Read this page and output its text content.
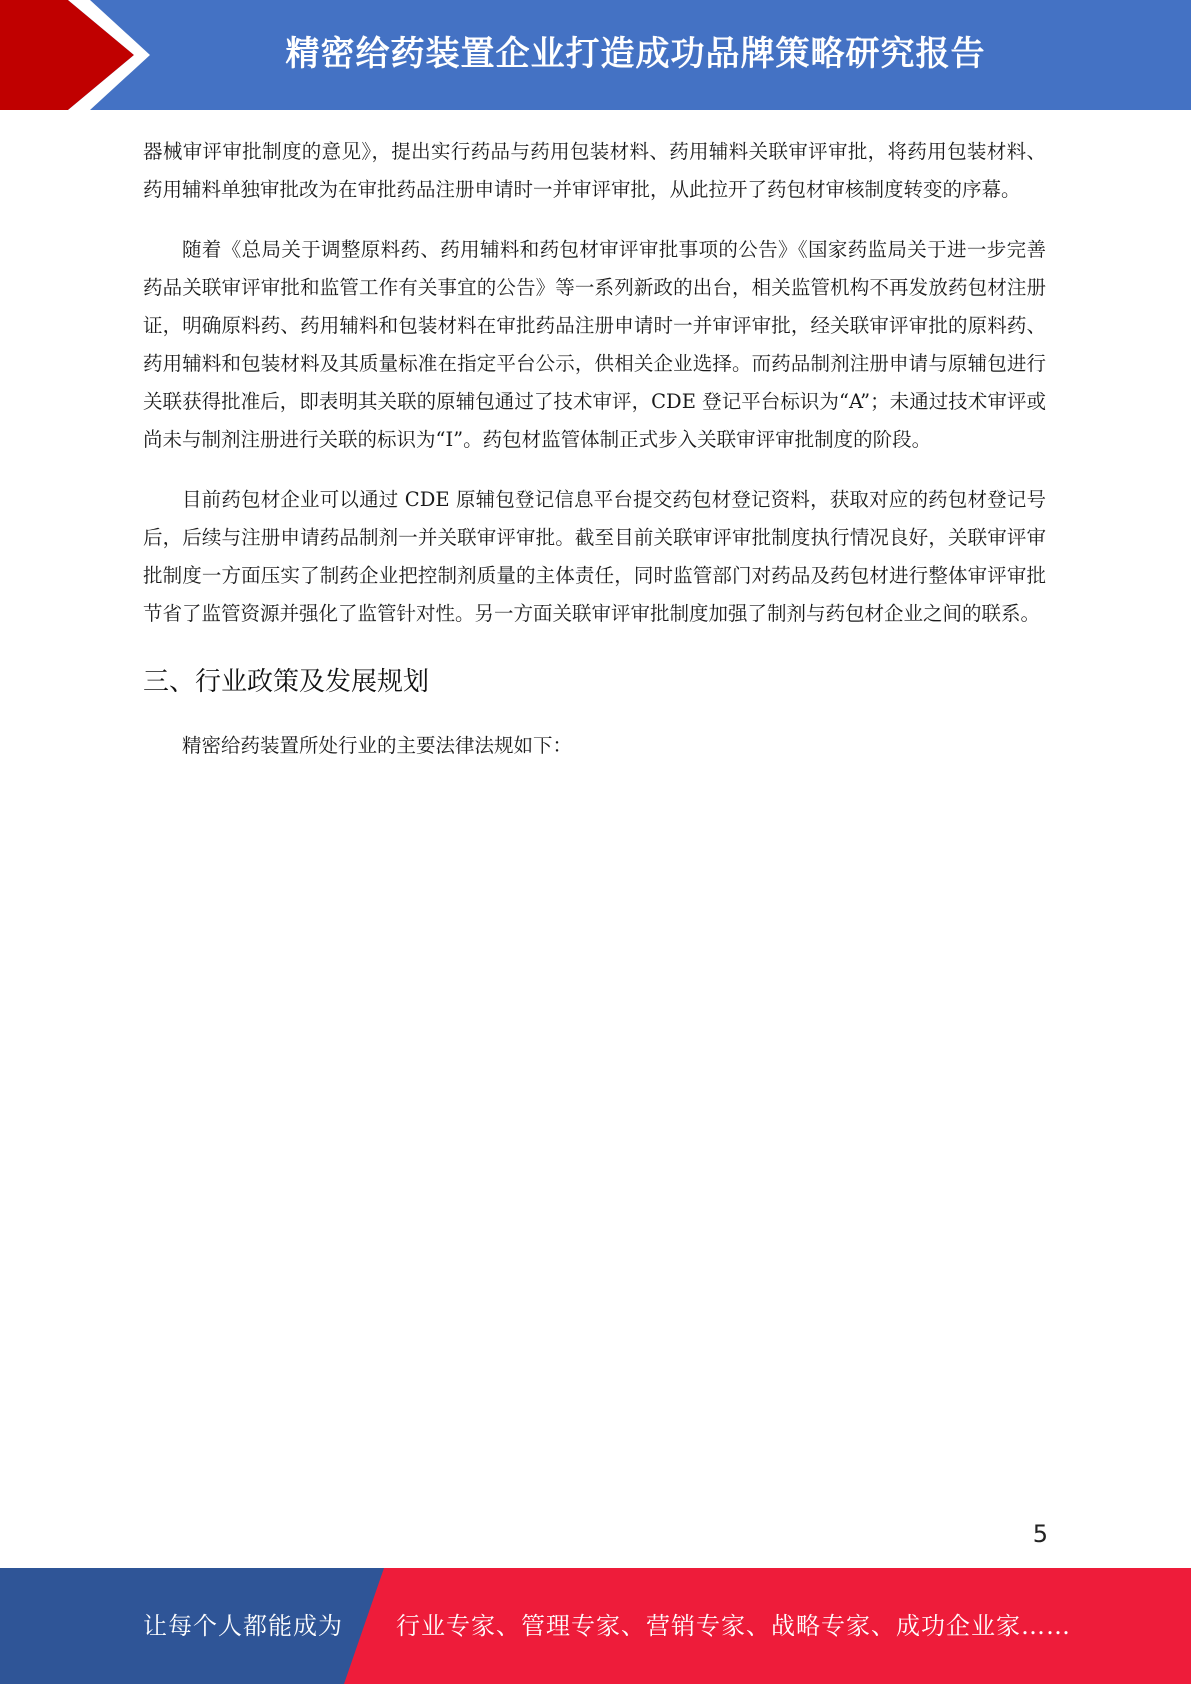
精密给药装置企业打造成功品牌策略研究报告

器械审评审批制度的意见》，提出实行药品与药用包装材料、药用辅料关联审评审批，将药用包装材料、药用辅料单独审批改为在审批药品注册申请时一并审评审批，从此拉开了药包材审核制度转变的序幕。

随着《总局关于调整原料药、药用辅料和药包材审评审批事项的公告》《国家药监局关于进一步完善药品关联审评审批和监管工作有关事宜的公告》等一系列新政的出台，相关监管机构不再发放药包材注册证，明确原料药、药用辅料和包装材料在审批药品注册申请时一并审评审批，经关联审评审批的原料药、药用辅料和包装材料及其质量标准在指定平台公示，供相关企业选择。而药品制剂注册申请与原辅包进行关联获得批准后，即表明其关联的原辅包通过了技术审评，CDE 登记平台标识为“A”；未通过技术审评或尚未与制剂注册进行关联的标识为“I”。药包材监管体制正式步入关联审评审批制度的阶段。

目前药包材企业可以通过 CDE 原辅包登记信息平台提交药包材登记资料，获取对应的药包材登记号后，后续与注册申请药品制剂一并关联审评审批。截至目前关联审评审批制度执行情况良好，关联审评审批制度一方面压实了制药企业把控制剂质量的主体责任，同时监管部门对药品及药包材进行整体审评审批节省了监管资源并强化了监管针对性。另一方面关联审评审批制度加强了制剂与药包材企业之间的联系。

三、行业政策及发展规划

精密给药装置所处行业的主要法律法规如下：

5
让每个人都能成为 行业专家、管理专家、营销专家、战略专家、成功企业家……
